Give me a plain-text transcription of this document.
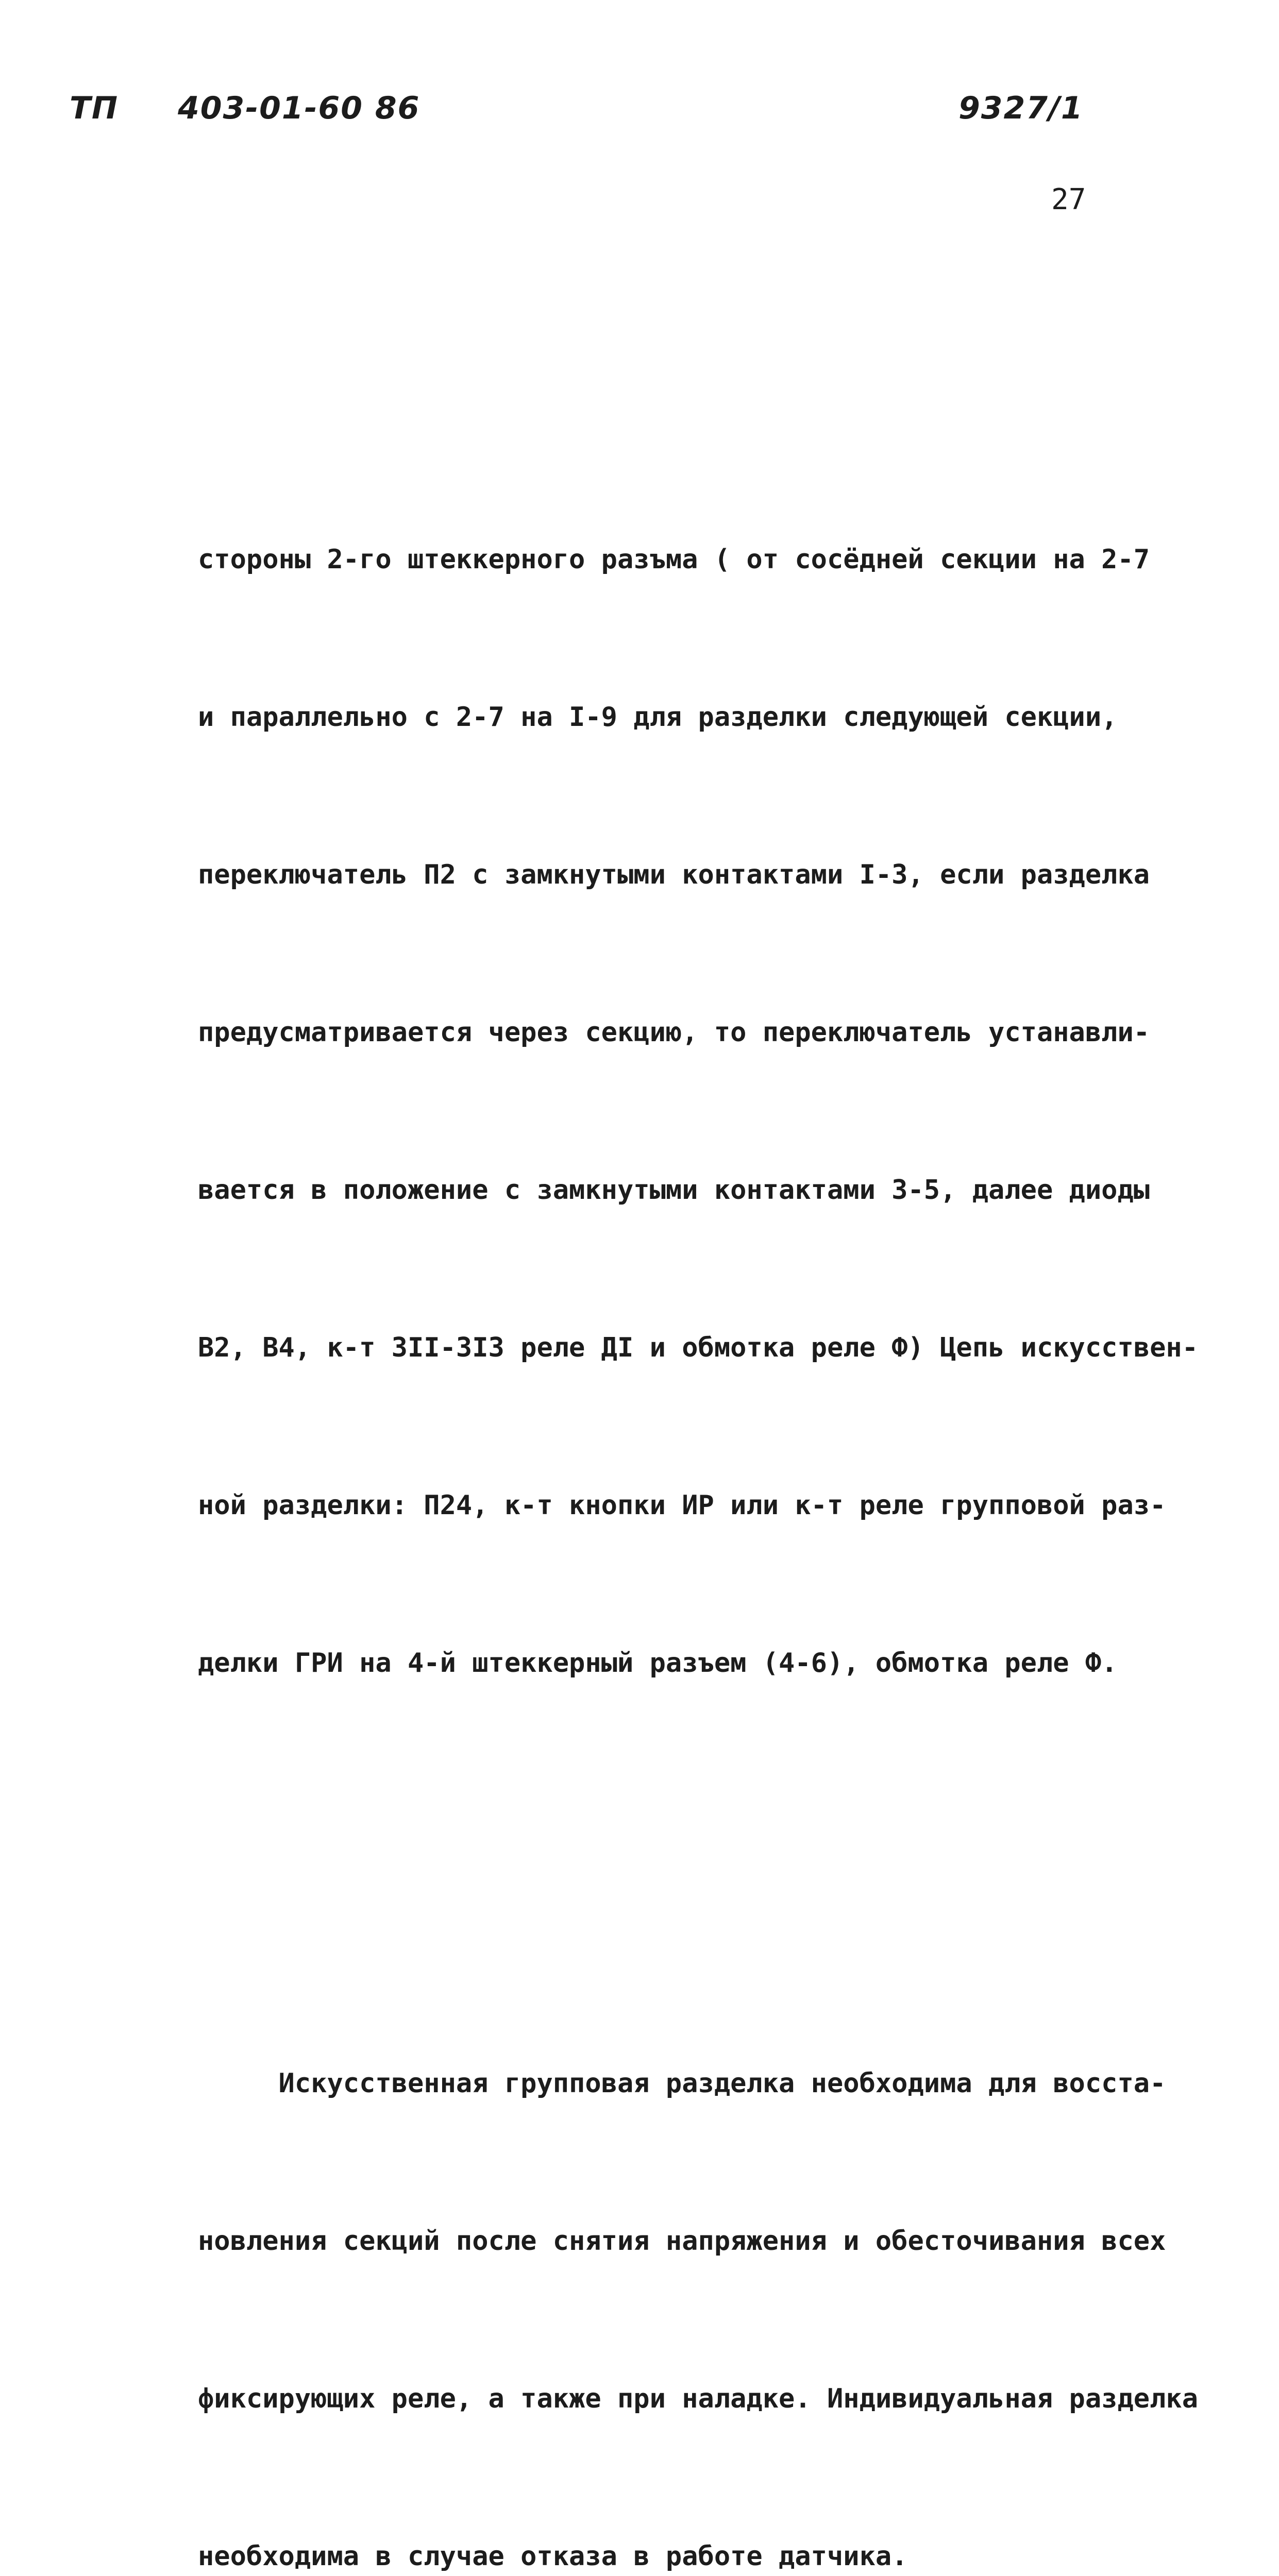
ТП 403-01-60 86	9327/1
27

стороны 2-го штеккерного разъма ( от сосёдней секции на 2-7

и параллельно с 2-7 на I-9 для разделки следующей секции,

переключатель П2 с замкнутыми контактами I-3, если разделка

предусматривается через секцию, то переключатель устанавли-

вается в положение с замкнутыми контактами 3-5, далее диоды

В2, В4, к-т 3II-3I3 реле ДI и обмотка реле Ф) Цепь искусствен-

ной разделки: П24, к-т кнопки ИР или к-т реле групповой раз-

делки ГРИ на 4-й штеккерный разъем (4-6), обмотка реле Ф.

Искусственная групповая разделка необходима для восста-

новления секций после снятия напряжения и обесточивания всех

фиксирующих реле, а также при наладке. Индивидуальная разделка

необходима в случае отказа в работе датчика.
